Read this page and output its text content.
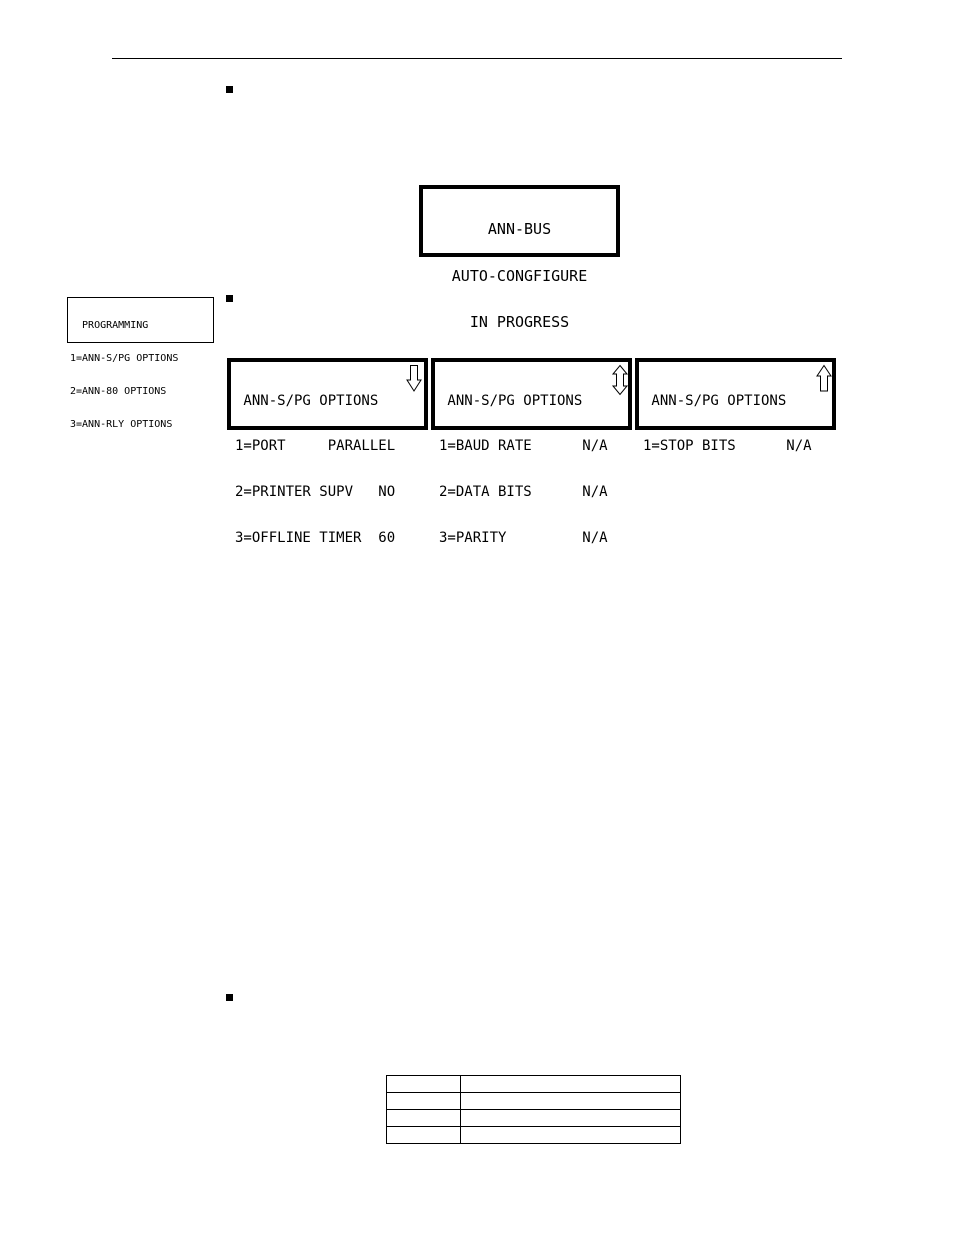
ANN-BUS

AUTO-CONGFIGURE

IN PROGRESS

PROGRAMMING

1=ANN-S/PG OPTIONS

2=ANN-80 OPTIONS

3=ANN-RLY OPTIONS

ANN-S/PG OPTIONS

1=PORT     PARALLEL

2=PRINTER SUPV   NO

3=OFFLINE TIMER  60

ANN-S/PG OPTIONS

1=BAUD RATE      N/A

2=DATA BITS      N/A

3=PARITY         N/A

ANN-S/PG OPTIONS

1=STOP BITS      N/A
